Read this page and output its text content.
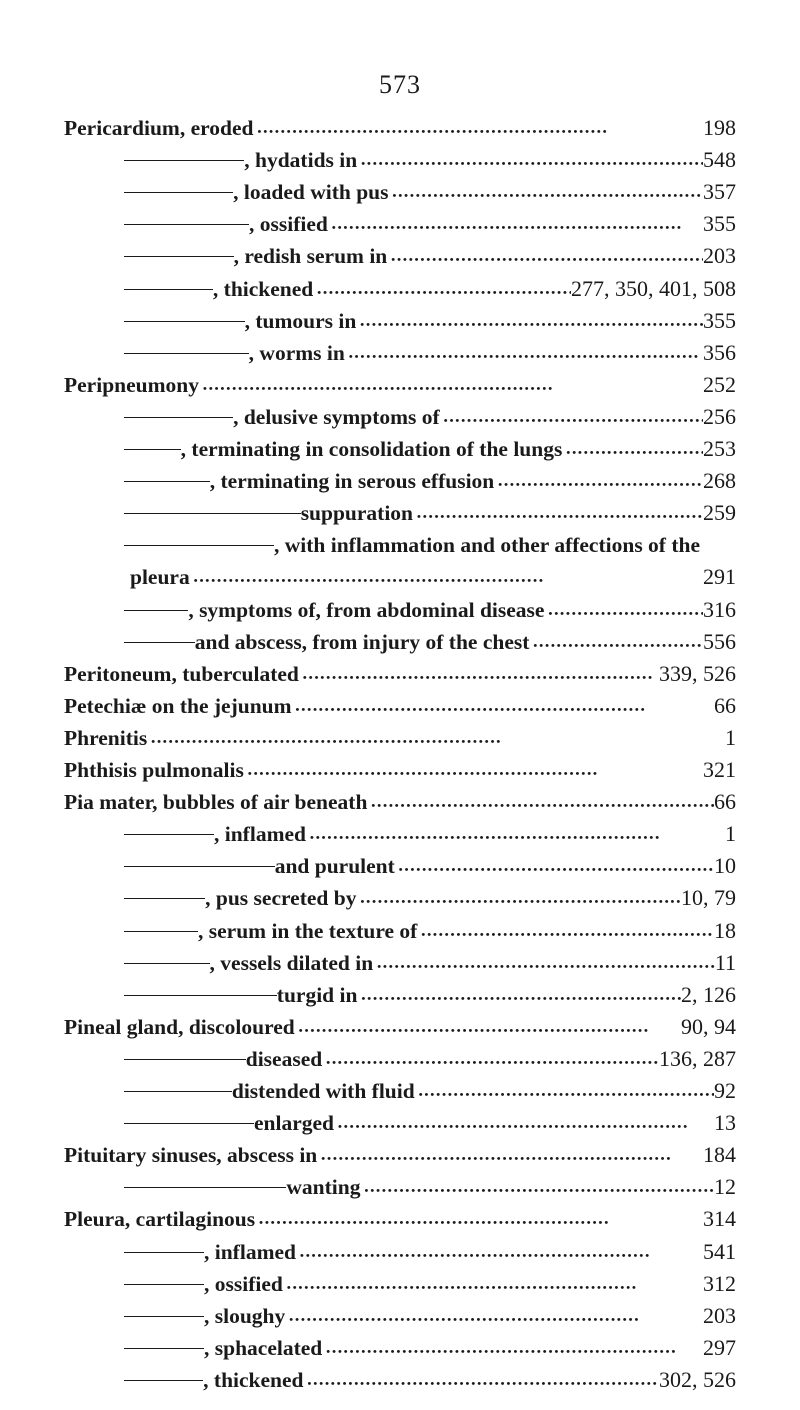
573
Pericardium, eroded •••••	198
, hydatids in •••••	548
, loaded with pus •••••	357
, ossified •••••	355
, redish serum in •••••	203
, thickened •••••	277, 350, 401, 508
, tumours in •••••	355
, worms in •••••	356
Peripneumony •••••	252
, delusive symptoms of •••••	256
, terminating in consolidation of the lungs •••••	253
, terminating in serous effusion •••••	268
suppuration •••••	259
, with inflammation and other affections of the
pleura •••••	291
, symptoms of, from abdominal disease •••••	316
and abscess, from injury of the chest •••••	556
Peritoneum, tuberculated •••••	339, 526
Petechiæ on the jejunum •••••	66
Phrenitis •••••	1
Phthisis pulmonalis •••••	321
Pia mater, bubbles of air beneath •••••	66
, inflamed •••••	1
and purulent •••••	10
, pus secreted by •••••	10, 79
, serum in the texture of •••••	18
, vessels dilated in •••••	11
turgid in •••••	2, 126
Pineal gland, discoloured •••••	90, 94
diseased •••••	136, 287
distended with fluid •••••	92
enlarged •••••	13
Pituitary sinuses, abscess in •••••	184
wanting •••••	12
Pleura, cartilaginous •••••	314
, inflamed •••••	541
, ossified •••••	312
, sloughy •••••	203
, sphacelated •••••	297
, thickened •••••	302, 526
